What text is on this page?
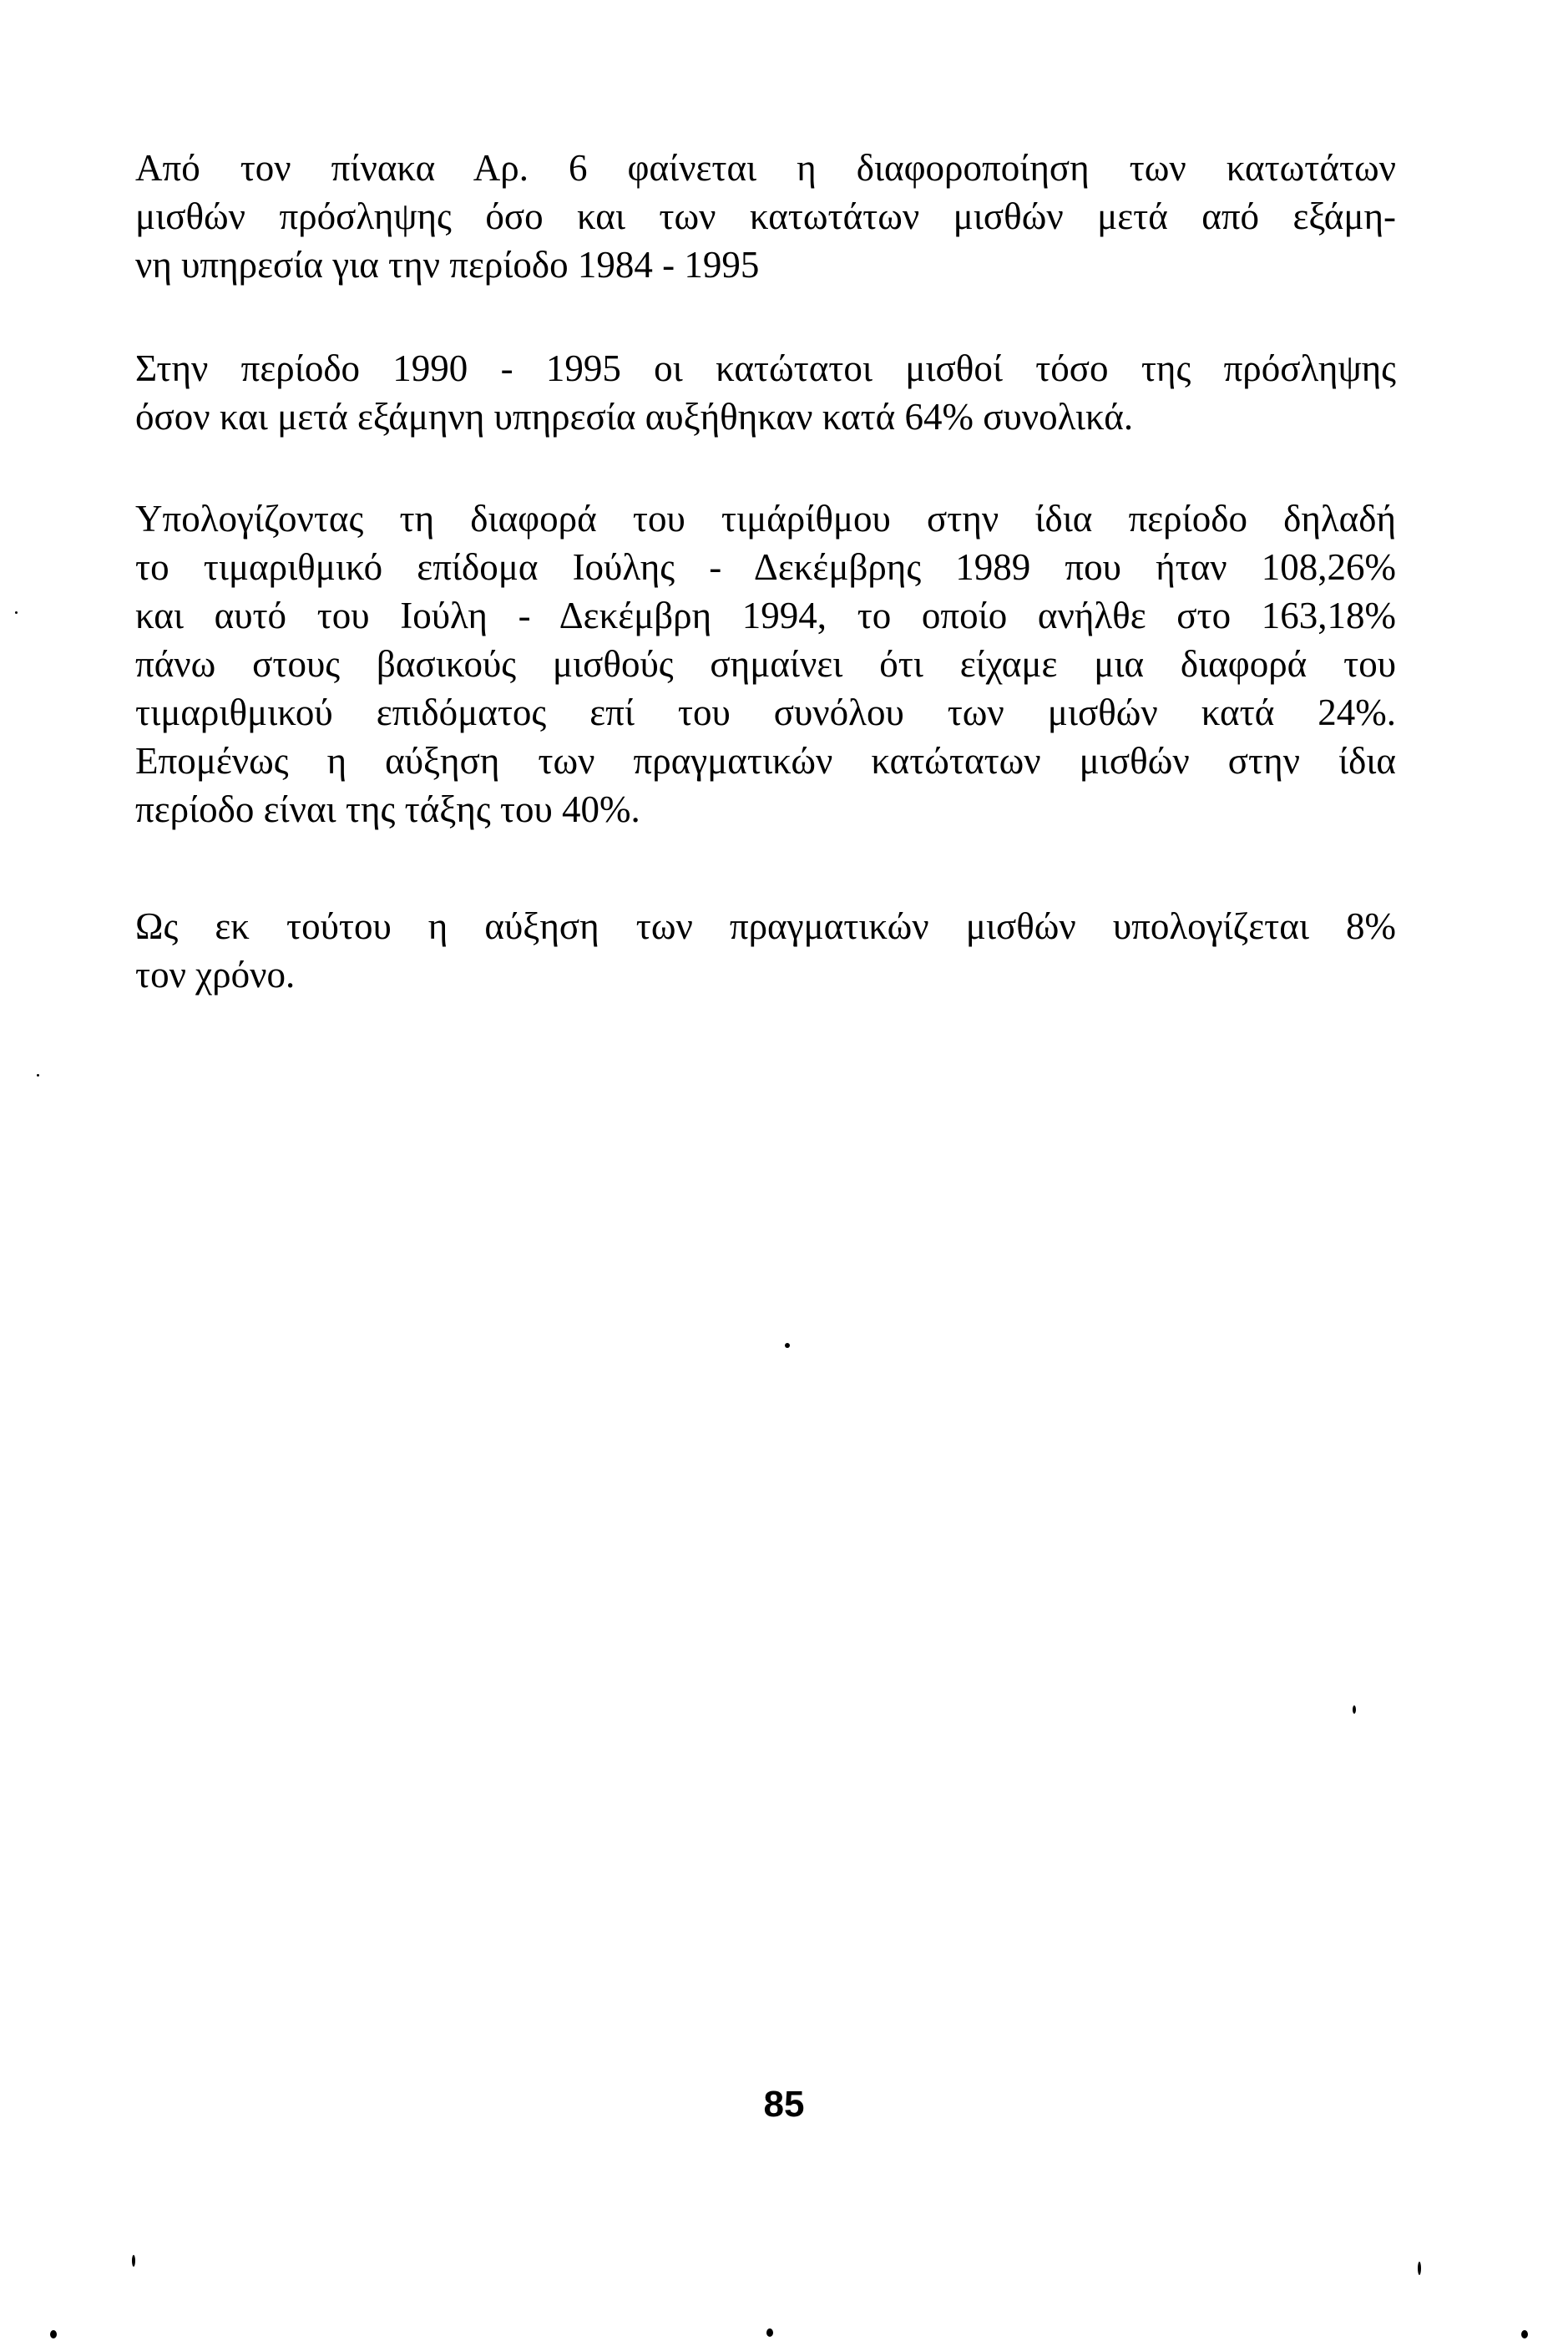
Από τον πίνακα Αρ. 6 φαίνεται η διαφοροποίηση των κατωτάτων
μισθών πρόσληψης όσο και των κατωτάτων μισθών μετά από εξάμη-
νη υπηρεσία για την περίοδο 1984 - 1995
Στην περίοδο 1990 - 1995 οι κατώτατοι μισθοί τόσο της πρόσληψης
όσον και μετά εξάμηνη υπηρεσία αυξήθηκαν κατά 64% συνολικά.
Υπολογίζοντας τη διαφορά του τιμάρίθμου στην ίδια περίοδο δηλαδή
το τιμαριθμικό επίδομα Ιούλης - Δεκέμβρης 1989 που ήταν 108,26%
και αυτό του Ιούλη - Δεκέμβρη 1994, το οποίο ανήλθε στο 163,18%
πάνω στους βασικούς μισθούς σημαίνει ότι είχαμε μια διαφορά του
τιμαριθμικού επιδόματος επί του συνόλου των μισθών κατά 24%.
Επομένως η αύξηση των πραγματικών κατώτατων μισθών στην ίδια
περίοδο είναι της τάξης του 40%.
Ως εκ τούτου η αύξηση των πραγματικών μισθών υπολογίζεται 8%
τον χρόνο.
85
